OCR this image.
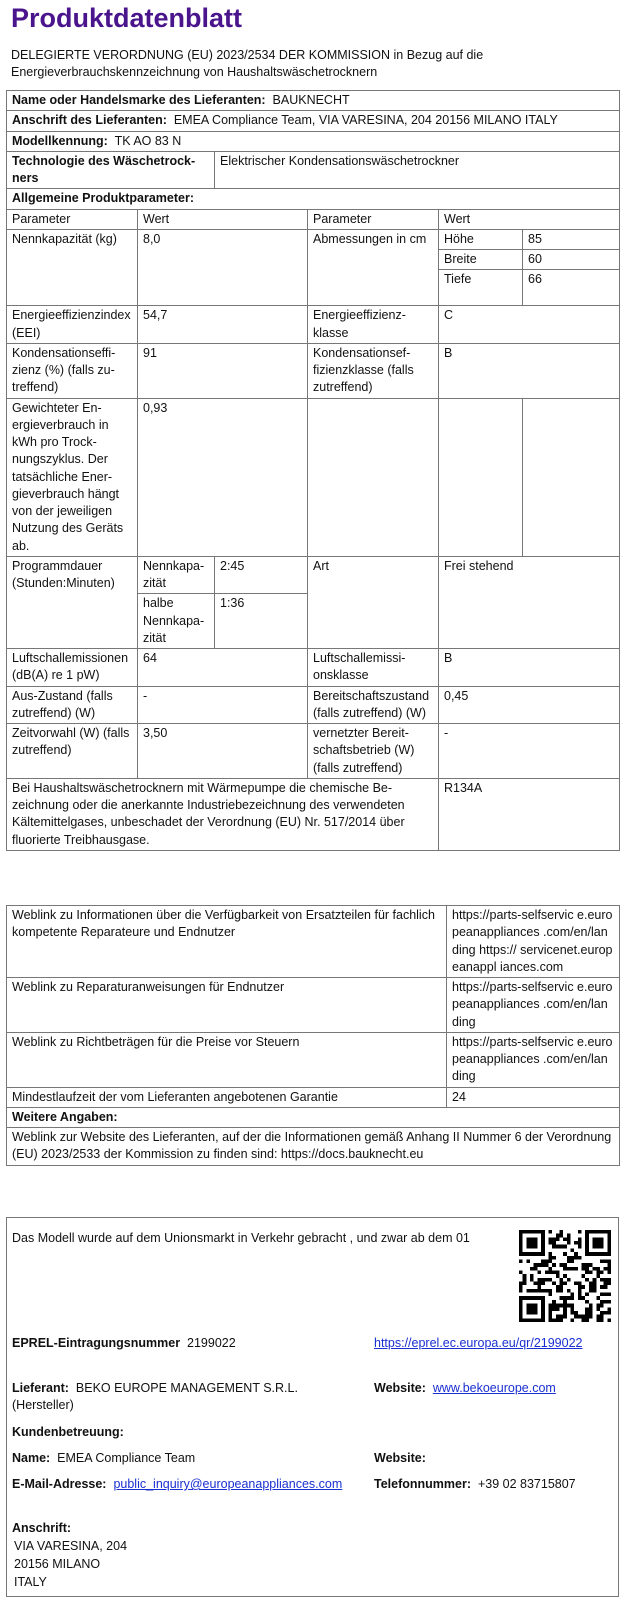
Produktdatenblatt
DELEGIERTE VERORDNUNG (EU) 2023/2534 DER KOMMISSION in Bezug auf die Energieverbrauchskennzeichnung von Haushaltswäschetrocknern
Name oder Handelsmarke des Lieferanten: BAUKNECHT					
Anschrift des Lieferanten: EMEA Compliance Team, VIA VARESINA, 204 20156 MILANO ITALY					
Modellkennung: TK AO 83 N					
Technologie des Wäschetrockners		Elektrischer Kondensationswäschetrockner			
Allgemeine Produktparameter:					
Parameter	Wert		Parameter	Wert	
Nennkapazität (kg)	8,0		Abmessungen in cm	Höhe	85
				Breite	60
				Tiefe	66
Energieeffizienzindex (EEI)	54,7		Energieeffizienzklasse	C	
Kondensationseffizienz (%) (falls zutreffend)	91		Kondensationseffizienzklasse (falls zutreffend)	B	
Gewichteter Energieverbrauch in kWh pro Trocknungszyklus. Der tatsächliche Energieverbrauch hängt von der jeweiligen Nutzung des Geräts ab.	0,93				
Programmdauer (Stunden:Minuten)	Nennkapazität	2:45	Art	Frei stehend	
	halbe Nennkapazität	1:36			
Luftschallemissionen (dB(A) re 1 pW)	64		Luftschallemissionsklasse	B	
Aus-Zustand (falls zutreffend) (W)	-		Bereitschaftszustand (falls zutreffend) (W)	0,45	
Zeitvorwahl (W) (falls zutreffend)	3,50		vernetzter Bereitschaftsbetrieb (W) (falls zutreffend)	-	
Bei Haushaltswäschetrocknern mit Wärmepumpe die chemische Bezeichnung oder die anerkannte Industriebezeichnung des verwendeten Kältemittelgases, unbeschadet der Verordnung (EU) Nr. 517/2014 über fluorierte Treibhausgase.				R134A	
Weblink zu Informationen über die Verfügbarkeit von Ersatzteilen für fachlich kompetente Reparateure und Endnutzer	https://parts-selfservic e.europeanappliances .com/en/landing https:// servicenet.europeanappl iances.com
Weblink zu Reparaturanweisungen für Endnutzer	https://parts-selfservic e.europeanappliances .com/en/landing
Weblink zu Richtbeträgen für die Preise vor Steuern	https://parts-selfservic e.europeanappliances .com/en/landing
Mindestlaufzeit der vom Lieferanten angebotenen Garantie	24
Weitere Angaben:	
Weblink zur Website des Lieferanten, auf der die Informationen gemäß Anhang II Nummer 6 der Verordnung (EU) 2023/2533 der Kommission zu finden sind: https://docs.bauknecht.eu	
Das Modell wurde auf dem Unionsmarkt in Verkehr gebracht , und zwar ab dem 01
EPREL-Eintragungsnummer 2199022	https://eprel.ec.europa.eu/qr/2199022
Lieferant: BEKO EUROPE MANAGEMENT S.R.L. (Hersteller)
Website: www.bekoeurope.com
Kundenbetreuung:
Name: EMEA Compliance Team	Website:
E-Mail-Adresse: public_inquiry@europeanappliances.com	Telefonnummer: +39 02 83715807
Anschrift:
VIA VARESINA, 204
20156 MILANO
ITALY
